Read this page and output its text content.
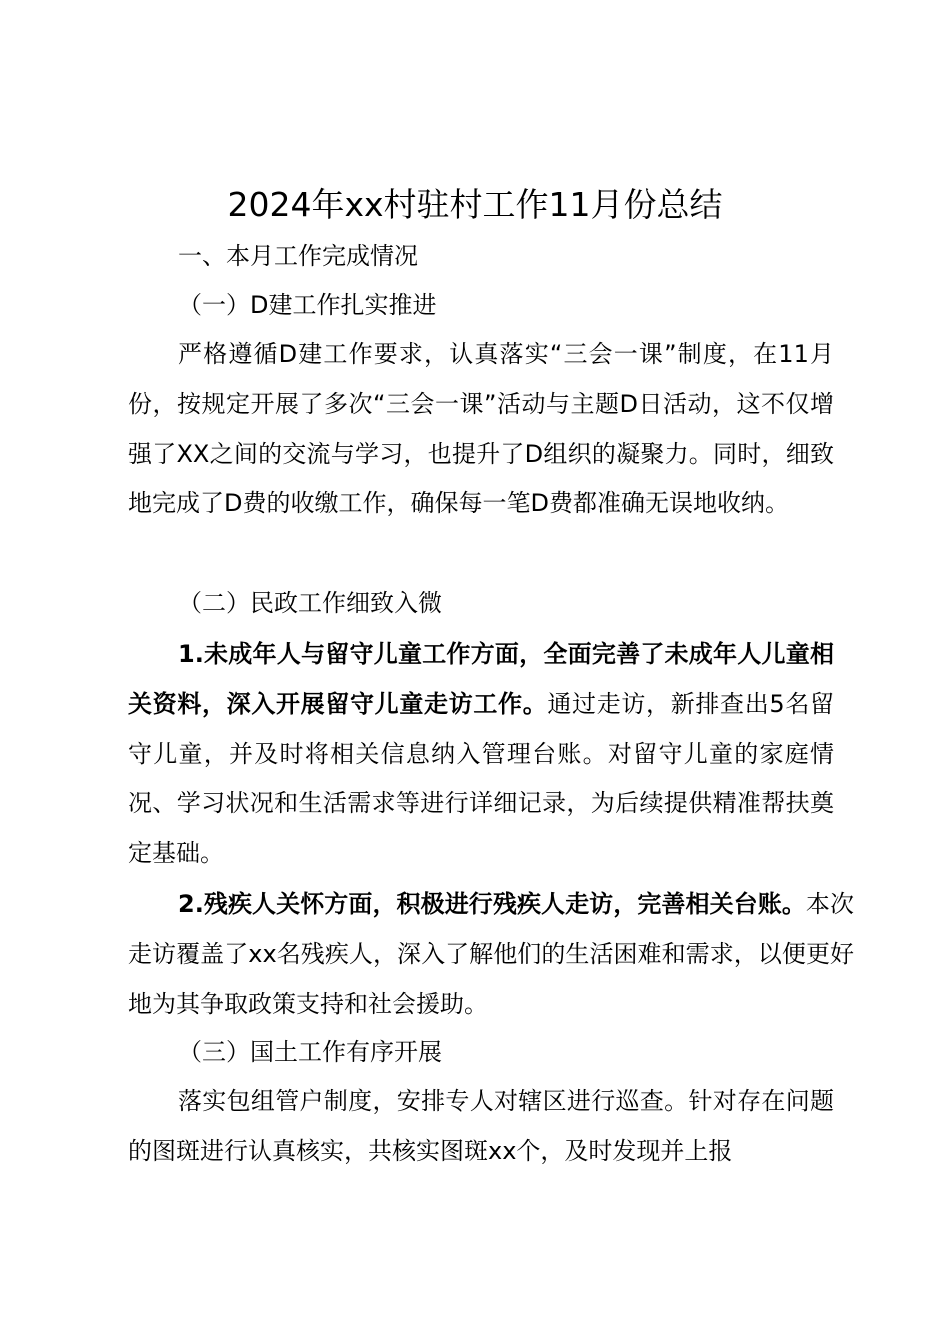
2024年xx村驻村工作11月份总结
一、本月工作完成情况
（一）D建工作扎实推进
严格遵循D建工作要求，认真落实“三会一课”制度，在11月份，按规定开展了多次“三会一课”活动与主题D日活动，这不仅增强了XX之间的交流与学习，也提升了D组织的凝聚力。同时，细致地完成了D费的收缴工作，确保每一笔D费都准确无误地收纳。
（二）民政工作细致入微
1.未成年人与留守儿童工作方面，全面完善了未成年人儿童相关资料，深入开展留守儿童走访工作。通过走访，新排查出5名留守儿童，并及时将相关信息纳入管理台账。对留守儿童的家庭情况、学习状况和生活需求等进行详细记录，为后续提供精准帮扶奠定基础。
2.残疾人关怀方面，积极进行残疾人走访，完善相关台账。本次走访覆盖了xx名残疾人，深入了解他们的生活困难和需求，以便更好地为其争取政策支持和社会援助。
（三）国土工作有序开展
落实包组管户制度，安排专人对辖区进行巡查。针对存在问题的图斑进行认真核实，共核实图斑xx个，及时发现并上报
